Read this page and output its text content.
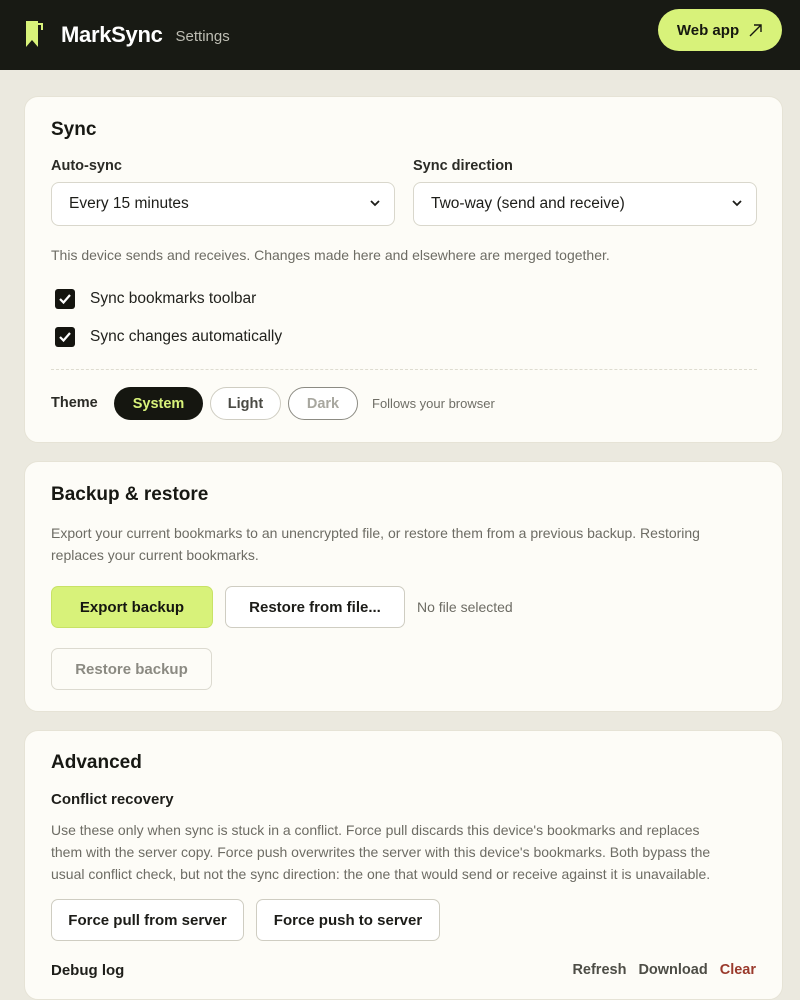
MarkSync Settings	Web app
Sync
Auto-sync
Every 15 minutes
Sync direction
Two-way (send and receive)
This device sends and receives. Changes made here and elsewhere are merged together.
Sync bookmarks toolbar
Sync changes automatically
Theme	System	Light	Dark	Follows your browser
Backup & restore
Export your current bookmarks to an unencrypted file, or restore them from a previous backup. Restoring
replaces your current bookmarks.
Export backup	Restore from file...	No file selected
Restore backup
Advanced
Conflict recovery
Use these only when sync is stuck in a conflict. Force pull discards this device's bookmarks and replaces
them with the server copy. Force push overwrites the server with this device's bookmarks. Both bypass the
usual conflict check, but not the sync direction: the one that would send or receive against it is unavailable.
Force pull from server	Force push to server
Debug log	Refresh Download Clear
